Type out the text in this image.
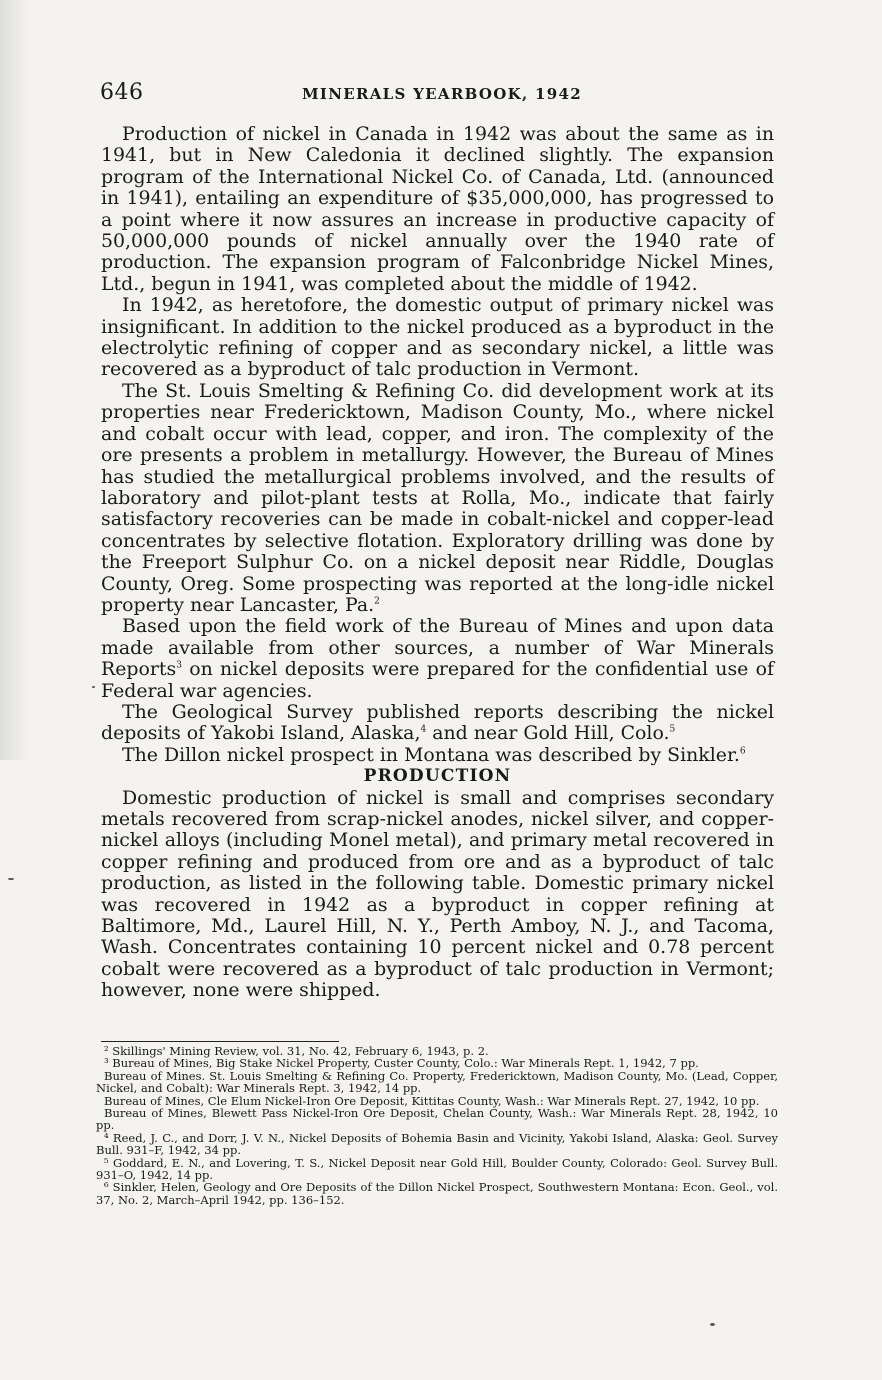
646	MINERALS YEARBOOK, 1942

Production of nickel in Canada in 1942 was about the same as in 1941, but in New Caledonia it declined slightly. The expansion program of the International Nickel Co. of Canada, Ltd. (announced in 1941), entailing an expenditure of $35,000,000, has progressed to a point where it now assures an increase in productive capacity of 50,000,000 pounds of nickel annually over the 1940 rate of production. The expansion program of Falconbridge Nickel Mines, Ltd., begun in 1941, was completed about the middle of 1942.

In 1942, as heretofore, the domestic output of primary nickel was insignificant. In addition to the nickel produced as a byproduct in the electrolytic refining of copper and as secondary nickel, a little was recovered as a byproduct of talc production in Vermont.

The St. Louis Smelting & Refining Co. did development work at its properties near Fredericktown, Madison County, Mo., where nickel and cobalt occur with lead, copper, and iron. The complexity of the ore presents a problem in metallurgy. However, the Bureau of Mines has studied the metallurgical problems involved, and the results of laboratory and pilot-plant tests at Rolla, Mo., indicate that fairly satisfactory recoveries can be made in cobalt-nickel and copper-lead concentrates by selective flotation. Exploratory drilling was done by the Freeport Sulphur Co. on a nickel deposit near Riddle, Douglas County, Oreg. Some prospecting was reported at the long-idle nickel property near Lancaster, Pa.$^2$

Based upon the field work of the Bureau of Mines and upon data made available from other sources, a number of War Minerals Reports$^3$ on nickel deposits were prepared for the confidential use of Federal war agencies.

The Geological Survey published reports describing the nickel deposits of Yakobi Island, Alaska,$^4$ and near Gold Hill, Colo.$^5$

The Dillon nickel prospect in Montana was described by Sinkler.$^6$

PRODUCTION

Domestic production of nickel is small and comprises secondary metals recovered from scrap-nickel anodes, nickel silver, and copper-nickel alloys (including Monel metal), and primary metal recovered in copper refining and produced from ore and as a byproduct of talc production, as listed in the following table. Domestic primary nickel was recovered in 1942 as a byproduct in copper refining at Baltimore, Md., Laurel Hill, N. Y., Perth Amboy, N. J., and Tacoma, Wash. Concentrates containing 10 percent nickel and 0.78 percent cobalt were recovered as a byproduct of talc production in Vermont; however, none were shipped.

² Skillings' Mining Review, vol. 31, No. 42, February 6, 1943, p. 2.

³ Bureau of Mines, Big Stake Nickel Property, Custer County, Colo.: War Minerals Rept. 1, 1942, 7 pp.

Bureau of Mines. St. Louis Smelting & Refining Co. Property, Fredericktown, Madison County, Mo. (Lead, Copper, Nickel, and Cobalt): War Minerals Rept. 3, 1942, 14 pp.

Bureau of Mines, Cle Elum Nickel-Iron Ore Deposit, Kittitas County, Wash.: War Minerals Rept. 27, 1942, 10 pp.

Bureau of Mines, Blewett Pass Nickel-Iron Ore Deposit, Chelan County, Wash.: War Minerals Rept. 28, 1942, 10 pp.

⁴ Reed, J. C., and Dorr, J. V. N., Nickel Deposits of Bohemia Basin and Vicinity, Yakobi Island, Alaska: Geol. Survey Bull. 931–F, 1942, 34 pp.

⁵ Goddard, E. N., and Lovering, T. S., Nickel Deposit near Gold Hill, Boulder County, Colorado: Geol. Survey Bull. 931–O, 1942, 14 pp.

⁶ Sinkler, Helen, Geology and Ore Deposits of the Dillon Nickel Prospect, Southwestern Montana: Econ. Geol., vol. 37, No. 2, March–April 1942, pp. 136–152.
